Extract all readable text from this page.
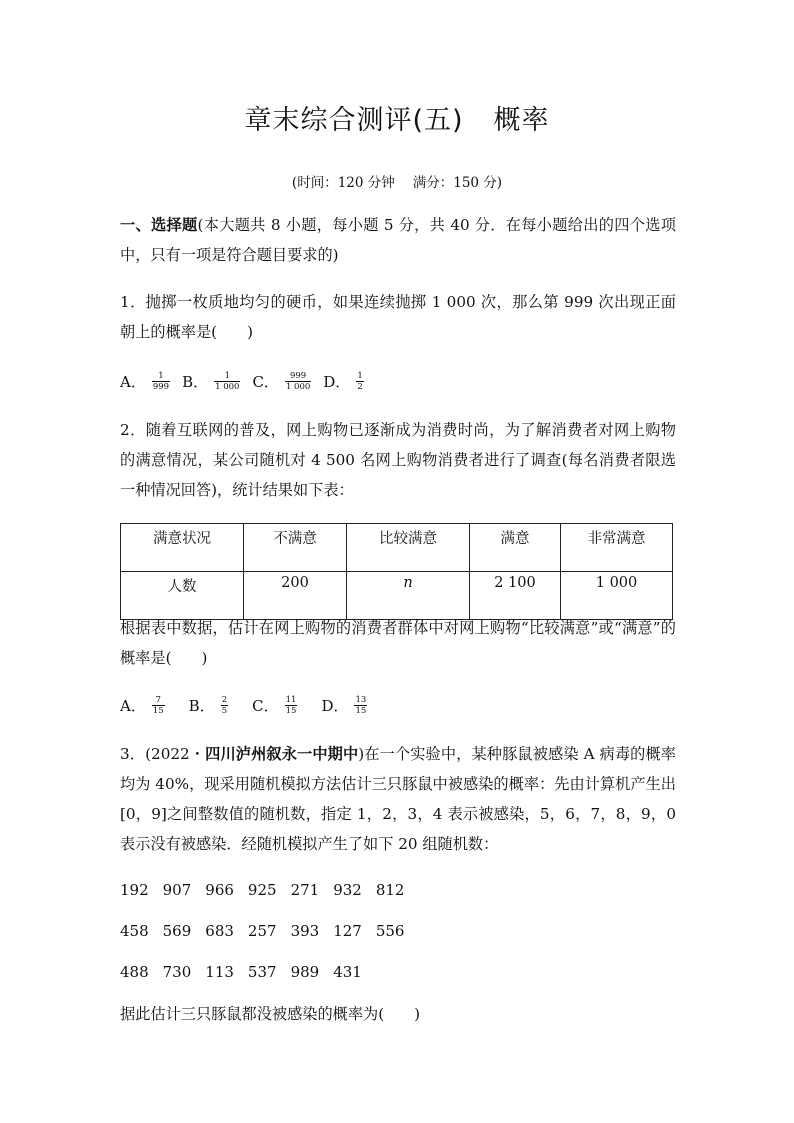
章末综合测评(五) 概率
(时间：120 分钟 满分：150 分)
一、选择题(本大题共 8 小题，每小题 5 分，共 40 分．在每小题给出的四个选项中，只有一项是符合题目要求的)
1．抛掷一枚质地均匀的硬币，如果连续抛掷 1 000 次，那么第 999 次出现正面朝上的概率是( )
A． $\frac{1}{999}$ B． $\frac{1}{1 000}$ C． $\frac{999}{1 000}$ D． $\frac{1}{2}$
2．随着互联网的普及，网上购物已逐渐成为消费时尚，为了解消费者对网上购物的满意情况，某公司随机对 4 500 名网上购物消费者进行了调查(每名消费者限选一种情况回答)，统计结果如下表：
满意状况	不满意	比较满意	满意	非常满意
人数	200	n	2 100	1 000
根据表中数据，估计在网上购物的消费者群体中对网上购物“比较满意”或“满意”的概率是( )
A． $\frac{7}{15}$ B． $\frac{2}{5}$ C． $\frac{11}{15}$ D． $\frac{13}{15}$
3．(2022・四川泸州叙永一中期中)在一个实验中，某种豚鼠被感染 A 病毒的概率均为 40%，现采用随机模拟方法估计三只豚鼠中被感染的概率：先由计算机产生出[0，9]之间整数值的随机数，指定 1，2，3，4 表示被感染，5，6，7，8，9，0 表示没有被感染．经随机模拟产生了如下 20 组随机数：
192 907 966 925 271 932 812
458 569 683 257 393 127 556
488 730 113 537 989 431
据此估计三只豚鼠都没被感染的概率为( )
